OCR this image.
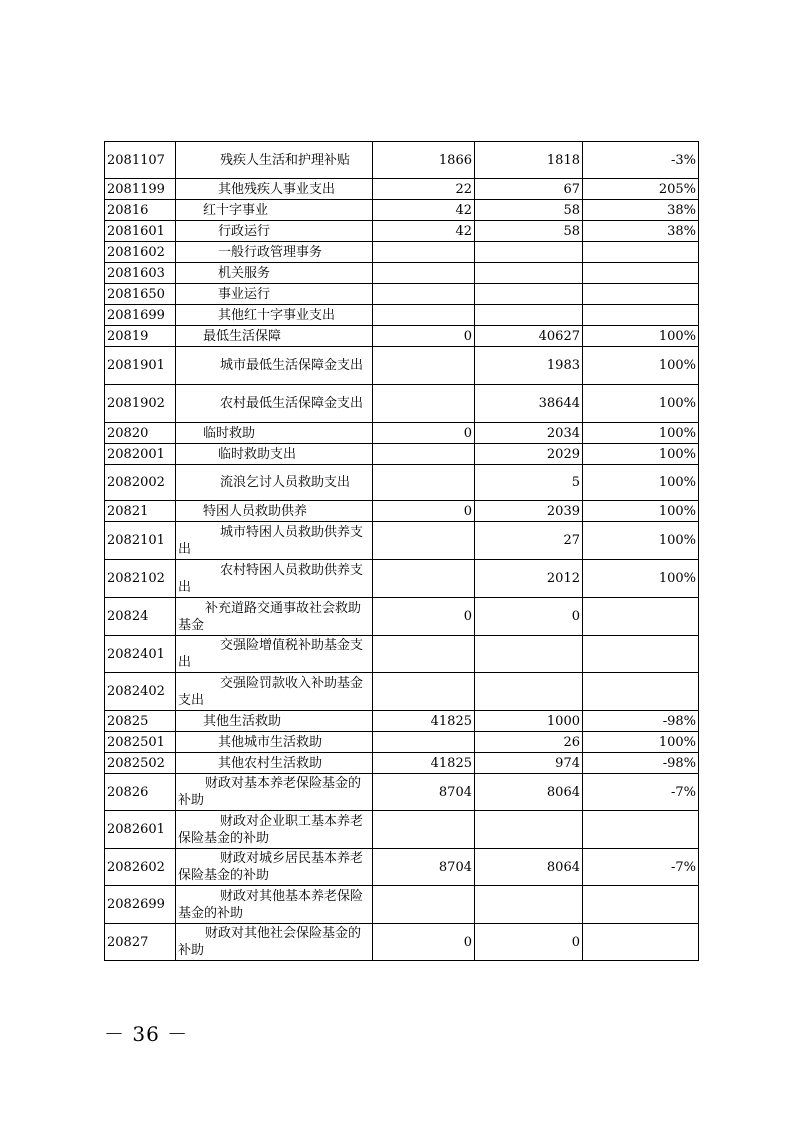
2081107	残疾人生活和护理补贴	1866	1818	-3%
2081199	其他残疾人事业支出	22	67	205%
20816	红十字事业	42	58	38%
2081601	行政运行	42	58	38%
2081602	一般行政管理事务			
2081603	机关服务			
2081650	事业运行			
2081699	其他红十字事业支出			
20819	最低生活保障	0	40627	100%
2081901	城市最低生活保障金支出		1983	100%
2081902	农村最低生活保障金支出		38644	100%
20820	临时救助	0	2034	100%
2082001	临时救助支出		2029	100%
2082002	流浪乞讨人员救助支出		5	100%
20821	特困人员救助供养	0	2039	100%
2082101	城市特困人员救助供养支出		27	100%
2082102	农村特困人员救助供养支出		2012	100%
20824	补充道路交通事故社会救助基金	0	0	
2082401	交强险增值税补助基金支出			
2082402	交强险罚款收入补助基金支出			
20825	其他生活救助	41825	1000	-98%
2082501	其他城市生活救助		26	100%
2082502	其他农村生活救助	41825	974	-98%
20826	财政对基本养老保险基金的补助	8704	8064	-7%
2082601	财政对企业职工基本养老保险基金的补助			
2082602	财政对城乡居民基本养老保险基金的补助	8704	8064	-7%
2082699	财政对其他基本养老保险基金的补助			
20827	财政对其他社会保险基金的补助	0	0	
－ 36 －
